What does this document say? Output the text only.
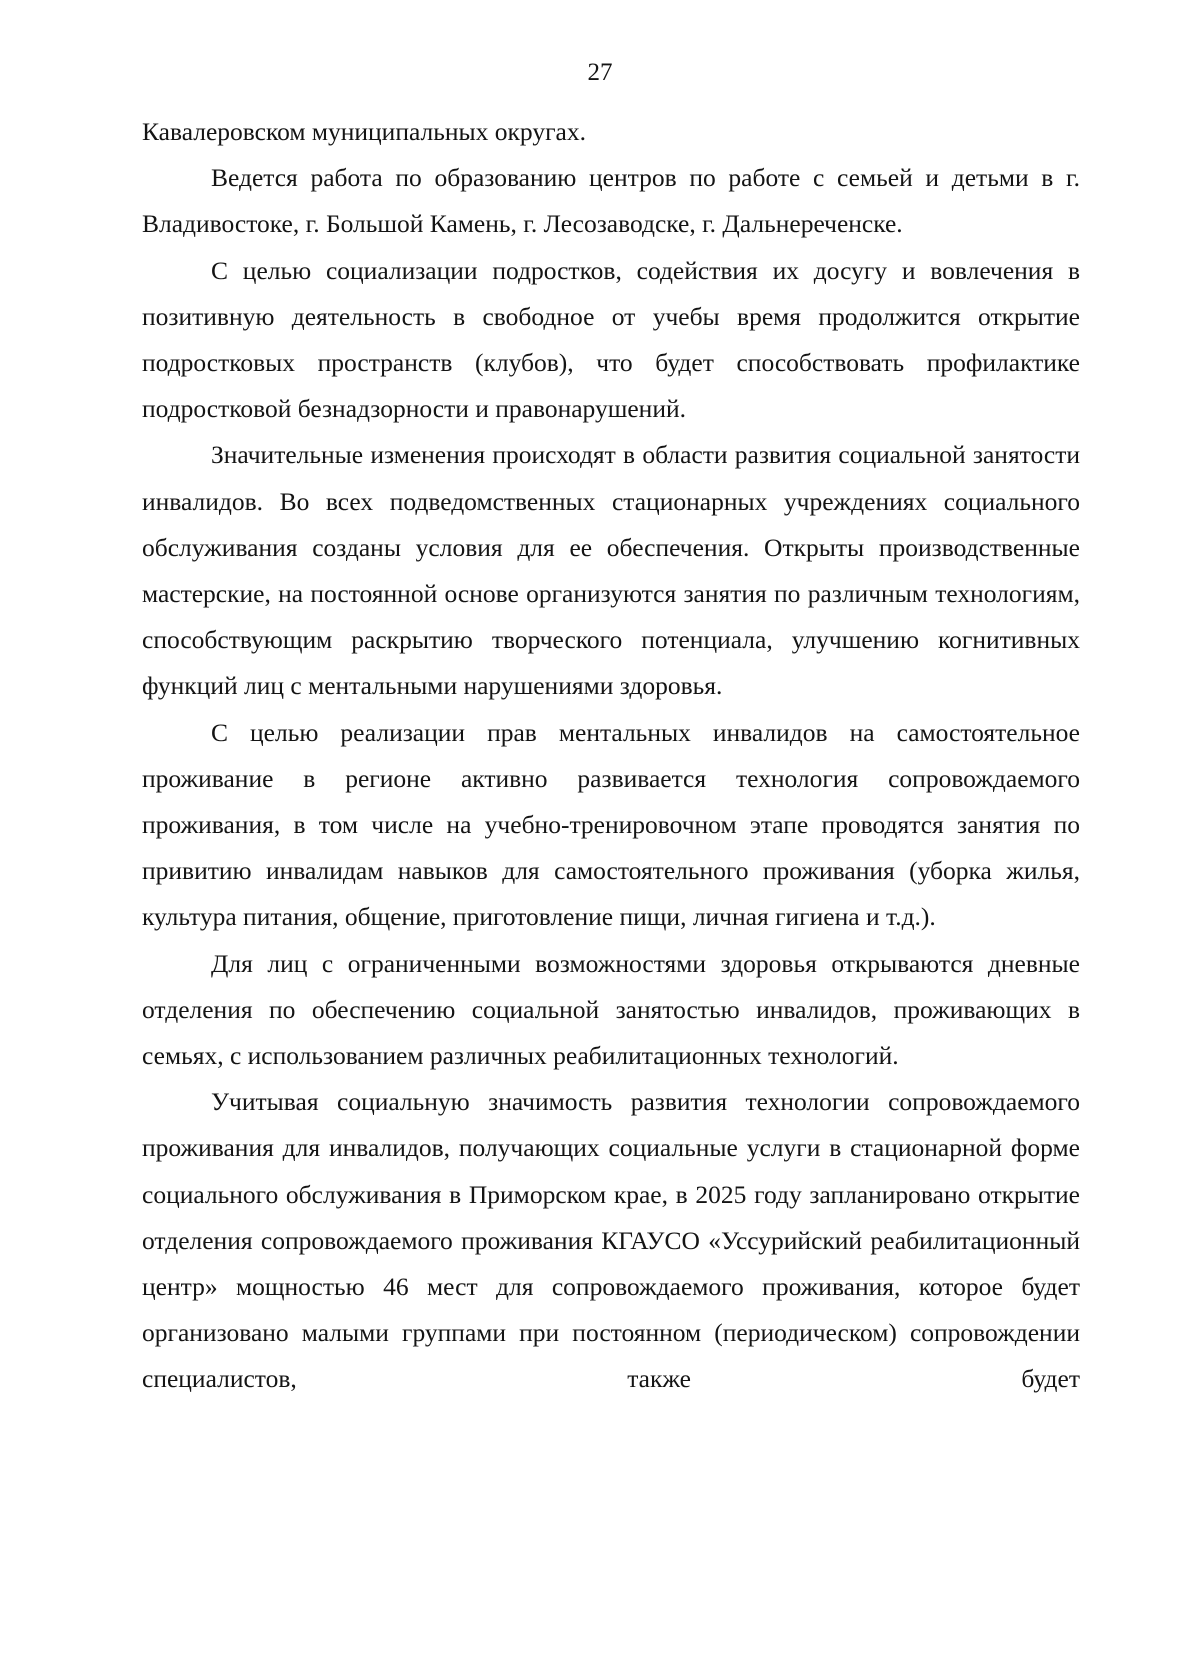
27

Кавалеровском муниципальных округах.

Ведется работа по образованию центров по работе с семьей и детьми в г. Владивостоке, г. Большой Камень, г. Лесозаводске, г. Дальнереченске.

С целью социализации подростков, содействия их досугу и вовлечения в позитивную деятельность в свободное от учебы время продолжится открытие подростковых пространств (клубов), что будет способствовать профилактике подростковой безнадзорности и правонарушений.

Значительные изменения происходят в области развития социальной занятости инвалидов. Во всех подведомственных стационарных учреждениях социального обслуживания созданы условия для ее обеспечения. Открыты производственные мастерские, на постоянной основе организуются занятия по различным технологиям, способствующим раскрытию творческого потенциала, улучшению когнитивных функций лиц с ментальными нарушениями здоровья.

С целью реализации прав ментальных инвалидов на самостоятельное проживание в регионе активно развивается технология сопровождаемого проживания, в том числе на учебно-тренировочном этапе проводятся занятия по привитию инвалидам навыков для самостоятельного проживания (уборка жилья, культура питания, общение, приготовление пищи, личная гигиена и т.д.).

Для лиц с ограниченными возможностями здоровья открываются дневные отделения по обеспечению социальной занятостью инвалидов, проживающих в семьях, с использованием различных реабилитационных технологий.

Учитывая социальную значимость развития технологии сопровождаемого проживания для инвалидов, получающих социальные услуги в стационарной форме социального обслуживания в Приморском крае, в 2025 году запланировано открытие отделения сопровождаемого проживания КГАУСО «Уссурийский реабилитационный центр» мощностью 46 мест для сопровождаемого проживания, которое будет организовано малыми группами при постоянном (периодическом) сопровождении специалистов, также будет
